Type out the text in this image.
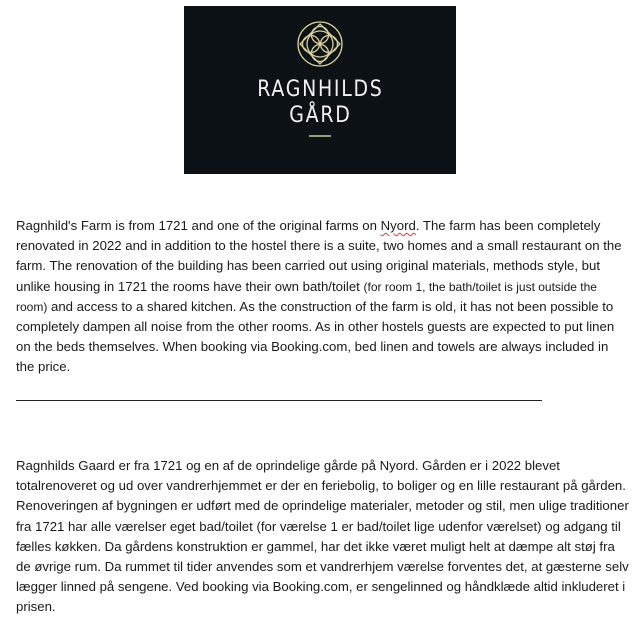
RAGNHILDS
GÅRD

Ragnhild's Farm is from 1721 and one of the original farms on Nyord. The farm has been completely renovated in 2022 and in addition to the hostel there is a suite, two homes and a small restaurant on the farm. The renovation of the building has been carried out using original materials, methods style, but unlike housing in 1721 the rooms have their own bath/toilet (for room 1, the bath/toilet is just outside the room) and access to a shared kitchen. As the construction of the farm is old, it has not been possible to completely dampen all noise from the other rooms. As in other hostels guests are expected to put linen on the beds themselves. When booking via Booking.com, bed linen and towels are always included in the price.

Ragnhilds Gaard er fra 1721 og en af de oprindelige gårde på Nyord. Gården er i 2022 blevet totalrenoveret og ud over vandrerhjemmet er der en feriebolig, to boliger og en lille restaurant på gården. Renoveringen af bygningen er udført med de oprindelige materialer, metoder og stil, men ulige traditioner fra 1721 har alle værelser eget bad/toilet (for værelse 1 er bad/toilet lige udenfor værelset) og adgang til fælles køkken. Da gårdens konstruktion er gammel, har det ikke været muligt helt at dæmpe alt støj fra de øvrige rum. Da rummet til tider anvendes som et vandrerhjem værelse forventes det, at gæsterne selv lægger linned på sengene. Ved booking via Booking.com, er sengelinned og håndklæde altid inkluderet i prisen.
